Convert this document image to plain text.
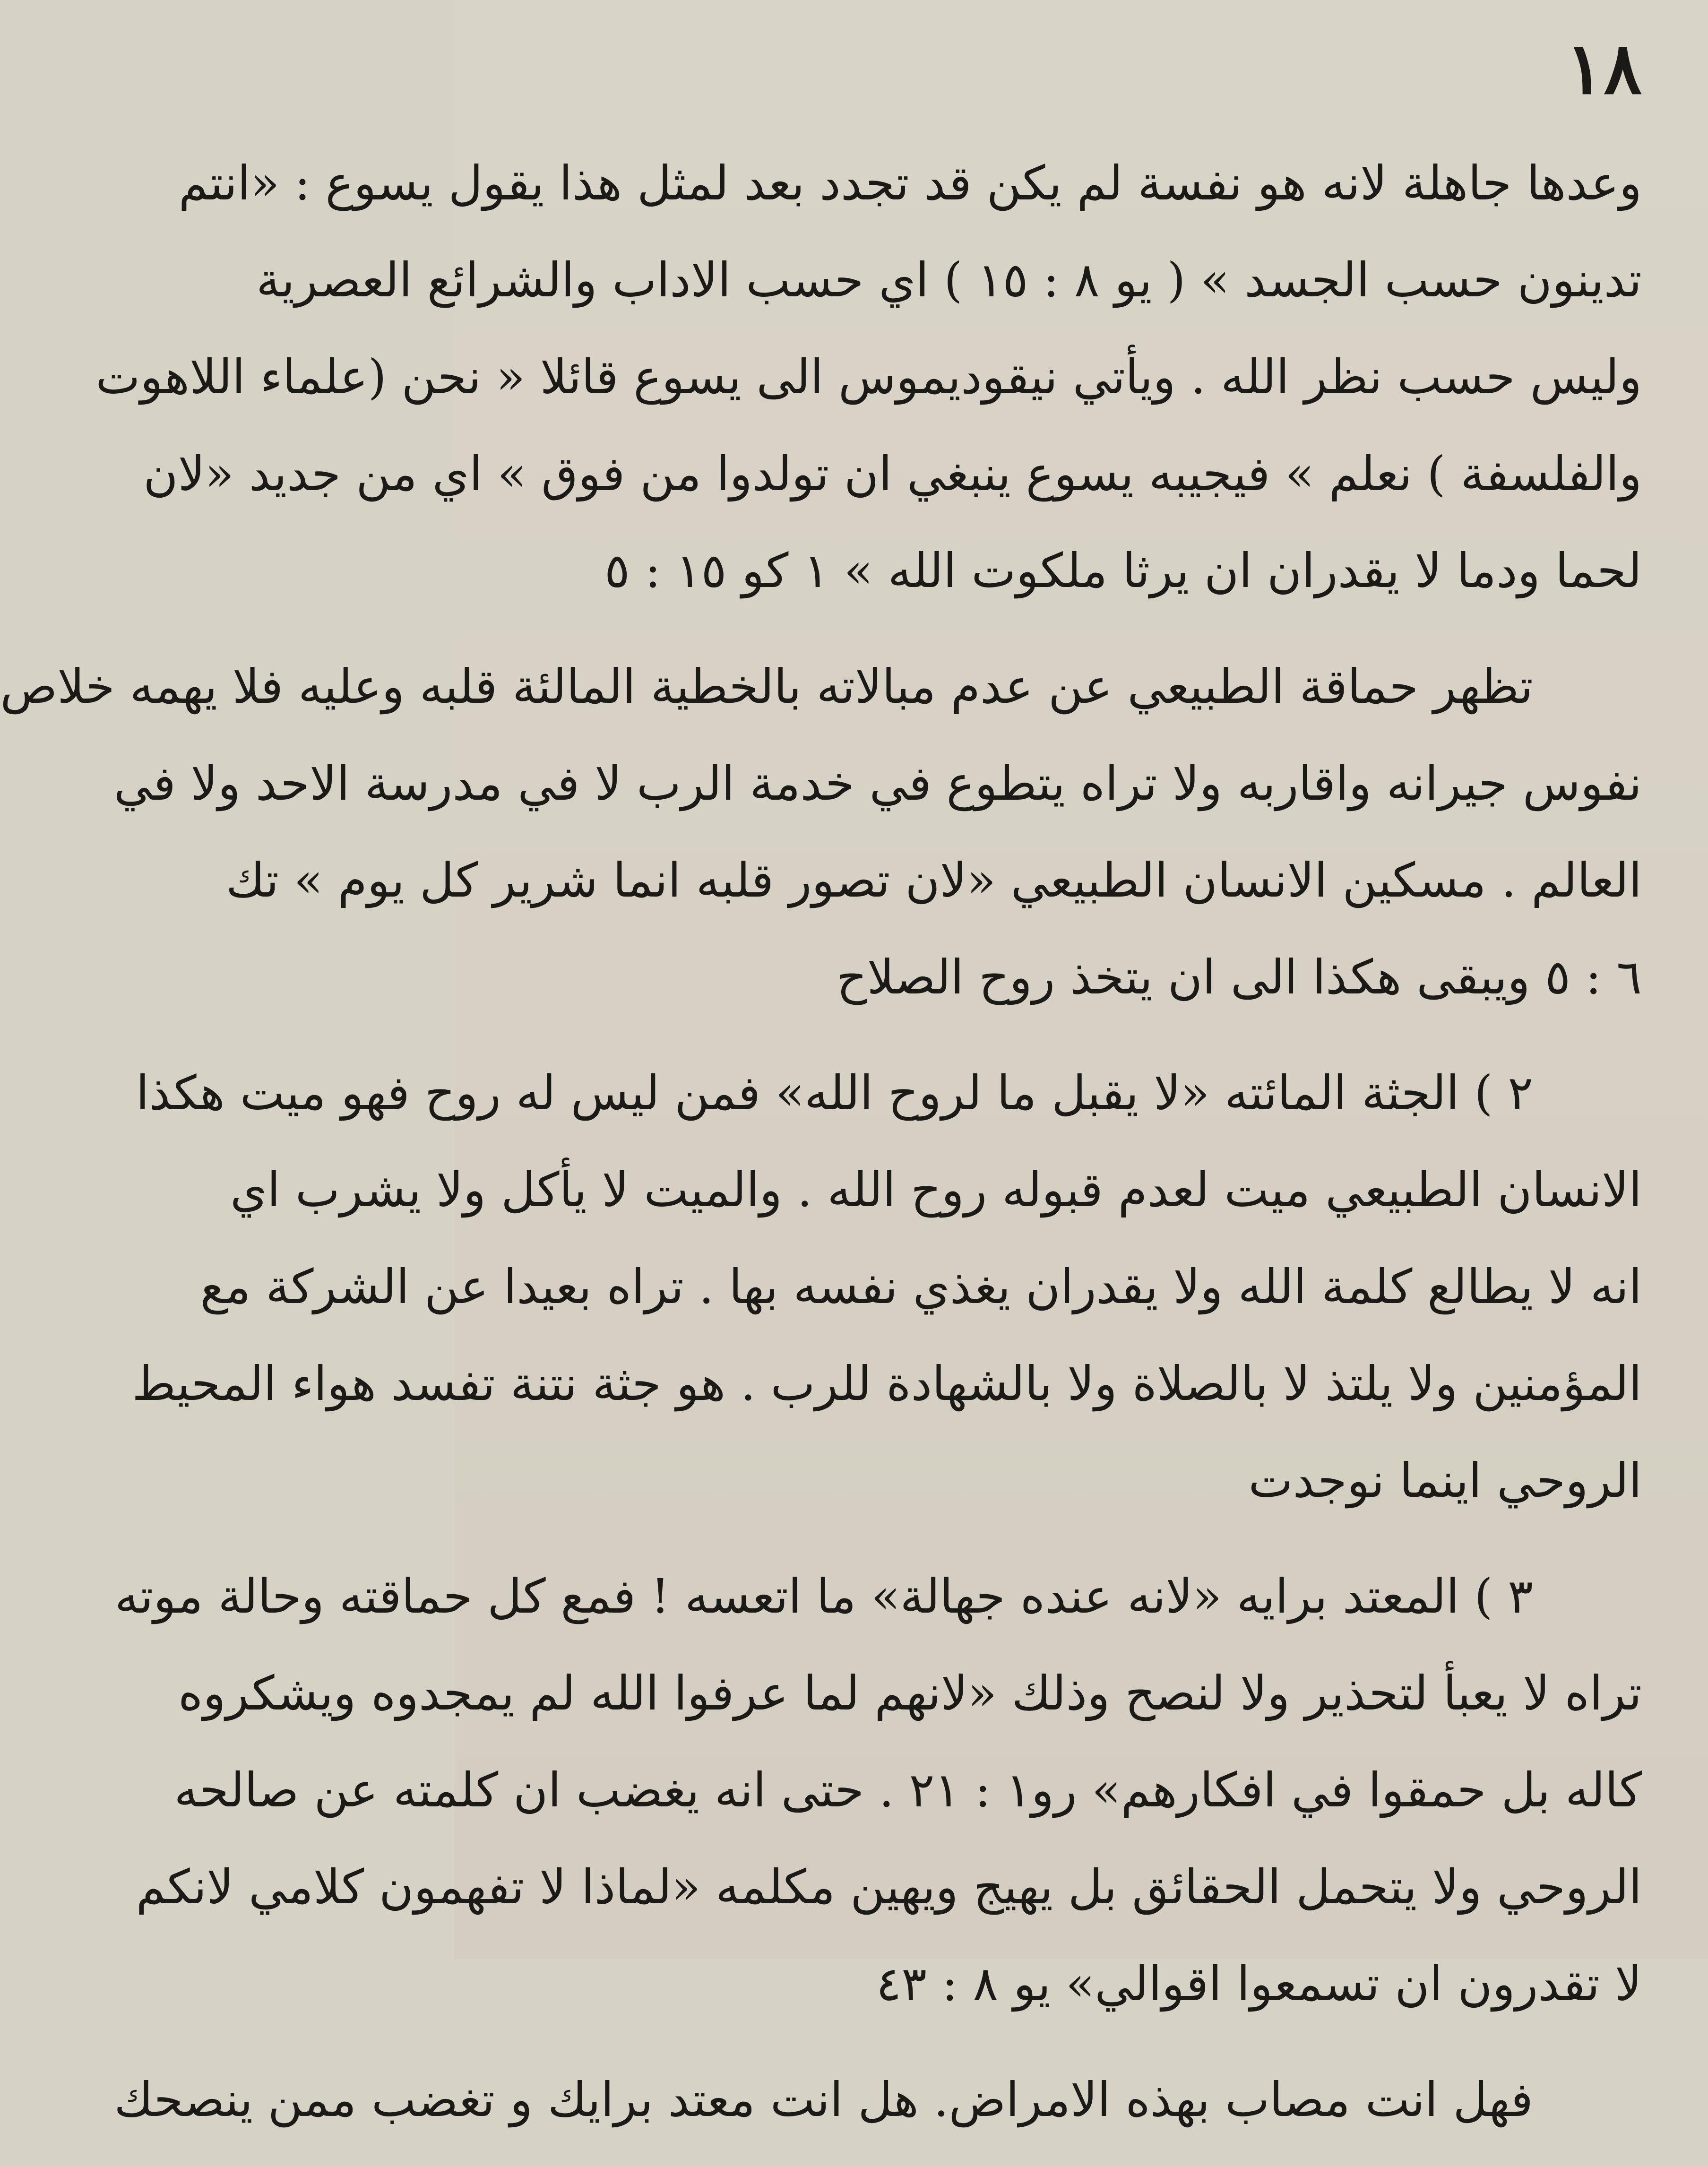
١٨
وعدها جاهلة لانه هو نفسة لم يكن قد تجدد بعد لمثل هذا يقول يسوع : «انتم
تدينون حسب الجسد » ( يو ٨ : ١٥ ) اي حسب الاداب والشرائع العصرية
وليس حسب نظر الله . ويأتي نيقوديموس الى يسوع قائلا « نحن (علماء اللاهوت
والفلسفة ) نعلم » فيجيبه يسوع ينبغي ان تولدوا من فوق » اي من جديد «لان
لحما ودما لا يقدران ان يرثا ملكوت الله » ١ كو ١٥ : ٥
تظهر حماقة الطبيعي عن عدم مبالاته بالخطية المالئة قلبه وعليه فلا يهمه خلاص
نفوس جيرانه واقاربه ولا تراه يتطوع في خدمة الرب لا في مدرسة الاحد ولا في
العالم . مسكين الانسان الطبيعي «لان تصور قلبه انما شرير كل يوم » تك
٦ : ٥ ويبقى هكذا الى ان يتخذ روح الصلاح
٢ ) الجثة المائته «لا يقبل ما لروح الله» فمن ليس له روح فهو ميت هكذا
الانسان الطبيعي ميت لعدم قبوله روح الله . والميت لا يأكل ولا يشرب اي
انه لا يطالع كلمة الله ولا يقدران يغذي نفسه بها . تراه بعيدا عن الشركة مع
المؤمنين ولا يلتذ لا بالصلاة ولا بالشهادة للرب . هو جثة نتنة تفسد هواء المحيط
الروحي اينما نوجدت
٣ ) المعتد برايه «لانه عنده جهالة» ما اتعسه ! فمع كل حماقته وحالة موته
تراه لا يعبأ لتحذير ولا لنصح وذلك «لانهم لما عرفوا الله لم يمجدوه ويشكروه
كاله بل حمقوا في افكارهم» رو١ : ٢١ . حتى انه يغضب ان كلمته عن صالحه
الروحي ولا يتحمل الحقائق بل يهيج ويهين مكلمه «لماذا لا تفهمون كلامي لانكم
لا تقدرون ان تسمعوا اقوالي» يو ٨ : ٤٣
فهل انت مصاب بهذه الامراض. هل انت معتد برايك و تغضب ممن ينصحك
